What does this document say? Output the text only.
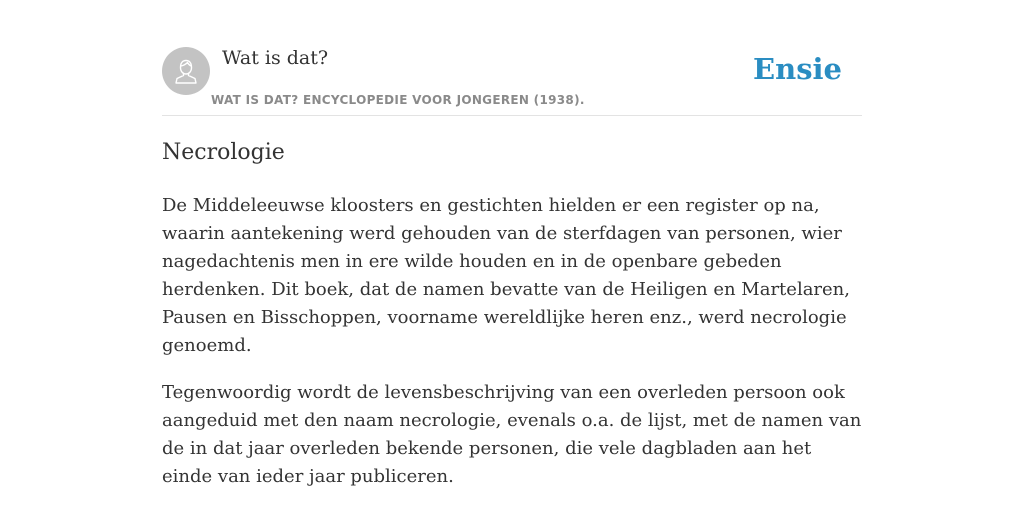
Wat is dat?
WAT IS DAT? ENCYCLOPEDIE VOOR JONGEREN (1938).
Ensie
Necrologie

De Middeleeuwse kloosters en gestichten hielden er een register op na, waarin aantekening werd gehouden van de sterfdagen van personen, wier nagedachtenis men in ere wilde houden en in de openbare gebeden herdenken. Dit boek, dat de namen bevatte van de Heiligen en Martelaren, Pausen en Bisschoppen, voorname wereldlijke heren enz., werd necrologie genoemd.

Tegenwoordig wordt de levensbeschrijving van een overleden persoon ook aangeduid met den naam necrologie, evenals o.a. de lijst, met de namen van de in dat jaar overleden bekende personen, die vele dagbladen aan het einde van ieder jaar publiceren.
